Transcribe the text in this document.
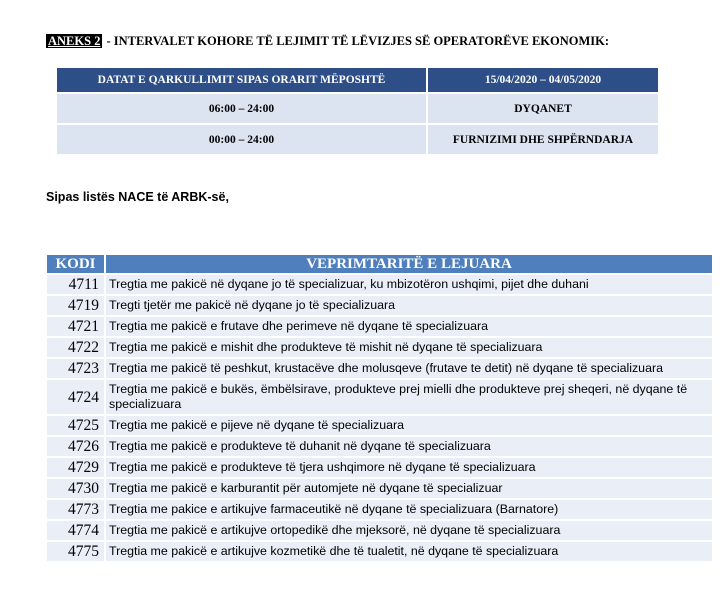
ANEKS 2 - INTERVALET KOHORE TË LEJIMIT TË LËVIZJES SË OPERATORËVE EKONOMIK:
DATAT E QARKULLIMIT SIPAS ORARIT MËPOSHTË	15/04/2020 – 04/05/2020
06:00 – 24:00	DYQANET
00:00 – 24:00	FURNIZIMI DHE SHPËRNDARJA
Sipas listës NACE të ARBK-së,
KODI	VEPRIMTARITË E LEJUARA
4711	Tregtia me pakicë në dyqane jo të specializuar, ku mbizotëron ushqimi, pijet dhe duhani
4719	Tregti tjetër me pakicë në dyqane jo të specializuara
4721	Tregtia me pakicë e frutave dhe perimeve në dyqane të specializuara
4722	Tregtia me pakicë e mishit dhe produkteve të mishit në dyqane të specializuara
4723	Tregtia me pakicë të peshkut, krustacëve dhe molusqeve (frutave te detit) në dyqane të specializuara
4724	Tregtia me pakicë e bukës, ëmbëlsirave, produkteve prej mielli dhe produkteve prej sheqeri, në dyqane të specializuara
4725	Tregtia me pakicë e pijeve në dyqane të specializuara
4726	Tregtia me pakicë e produkteve të duhanit në dyqane të specializuara
4729	Tregtia me pakicë e produkteve të tjera ushqimore në dyqane të specializuara
4730	Tregtia me pakicë e karburantit për automjete në dyqane të specializuar
4773	Tregtia me pakice e artikujve farmaceutikë në dyqane të specializuara (Barnatore)
4774	Tregtia me pakicë e artikujve ortopedikë dhe mjeksorë, në dyqane të specializuara
4775	Tregtia me pakicë e artikujve kozmetikë dhe të tualetit, në dyqane të specializuara
